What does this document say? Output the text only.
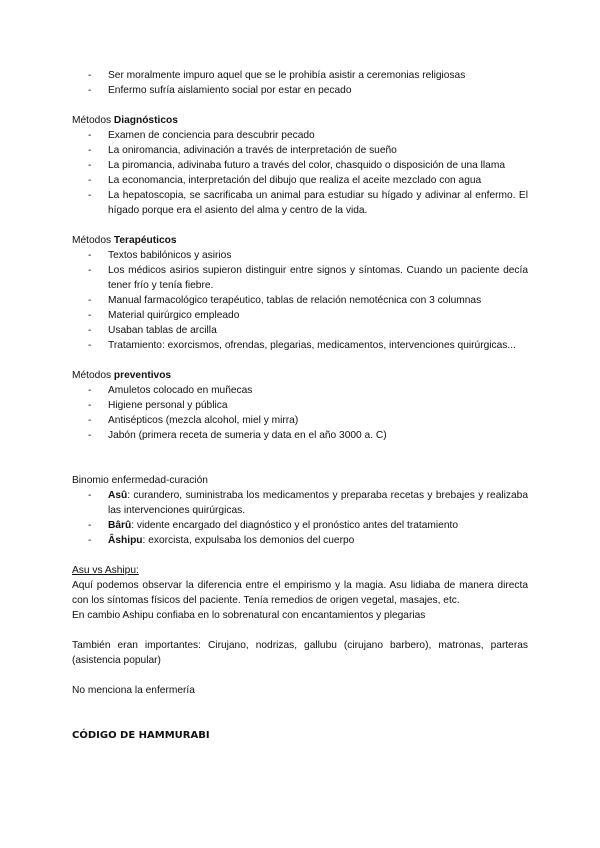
- Ser moralmente impuro aquel que se le prohibía asistir a ceremonias religiosas
- Enfermo sufría aislamiento social por estar en pecado
Métodos Diagnósticos
- Examen de conciencia para descubrir pecado
- La oniromancia, adivinación a través de interpretación de sueño
- La piromancia, adivinaba futuro a través del color, chasquido o disposición de una llama
- La economancia, interpretación del dibujo que realiza el aceite mezclado con agua
- La hepatoscopia, se sacrificaba un animal para estudiar su hígado y adivinar al enfermo. El hígado porque era el asiento del alma y centro de la vida.
Métodos Terapéuticos
- Textos babilónicos y asirios
- Los médicos asirios supieron distinguir entre signos y síntomas. Cuando un paciente decía tener frío y tenía fiebre.
- Manual farmacológico terapéutico, tablas de relación nemotécnica con 3 columnas
- Material quirúrgico empleado
- Usaban tablas de arcilla
- Tratamiento: exorcismos, ofrendas, plegarias, medicamentos, intervenciones quirúrgicas...
Métodos preventivos
- Amuletos colocado en muñecas
- Higiene personal y pública
- Antisépticos (mezcla alcohol, miel y mirra)
- Jabón (primera receta de sumeria y data en el año 3000 a. C)

Binomio enfermedad-curación

- Asû: curandero, suministraba los medicamentos y preparaba recetas y brebajes y realizaba las intervenciones quirúrgicas.
- Bârû: vidente encargado del diagnóstico y el pronóstico antes del tratamiento
- Âshipu: exorcista, expulsaba los demonios del cuerpo

Asu vs Ashipu:

Aquí podemos observar la diferencia entre el empirismo y la magia. Asu lidiaba de manera directa con los síntomas físicos del paciente. Tenía remedios de origen vegetal, masajes, etc.

En cambio Ashipu confiaba en lo sobrenatural con encantamientos y plegarias

También eran importantes: Cirujano, nodrizas, gallubu (cirujano barbero), matronas, parteras (asistencia popular)

No menciona la enfermería

CÓDIGO DE HAMMURABI
